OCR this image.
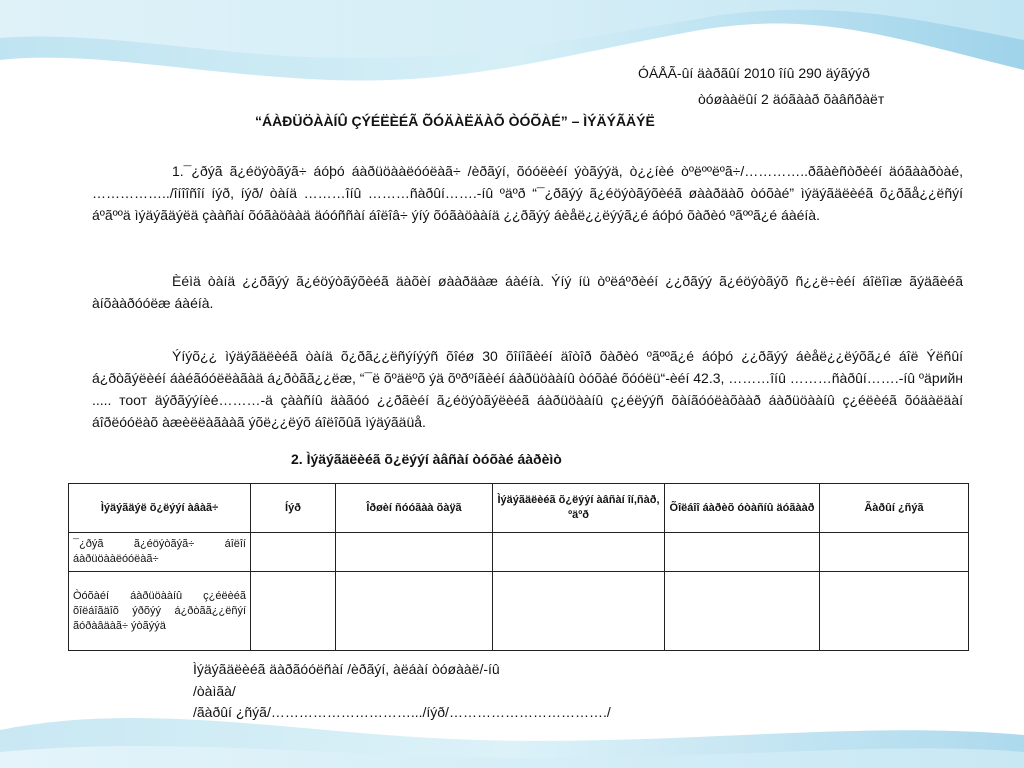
ÓÁÅÃ-ûí äàðãûí 2010 îíû 290 äýãýýð
òóøààëûí 2 äóãààð õàâñðàëт
“ÁÀÐÜÖÀÀÍÛ ÇÝÉËÈÉÃ ÕÓÄÀËÄÀÕ ÒÓÕÀÉ” – ÌÝÄÝÃÄÝË
1.¯¿ðýã ã¿éöýòãýã÷ áóþó áàðüöààëóóëàã÷ /èðãýí, õóóëèéí ýòãýýä, ò¿¿íèé òºëººëºã÷/…………..ðãàèñòðèéí äóãààðòàé, ……………../îíîîñîí íýð, íýð/ òàíä ………îíû ………ñàðûí…….-íû ºäºð “¯¿ðãýý ã¿éöýòãýõèéã øààðäàõ òóõàé” ìýäýãäëèéã õ¿ðãå¿¿ëñýí áºãººä ìýäýãäýëä çààñàí õóãàöààä äóóññàí áîëîâ÷ ýíý õóãàöààíä ¿¿ðãýý áèåë¿¿ëýýã¿é áóþó õàðèó ºãººã¿é áàéíà.
Èéìä òàíä ¿¿ðãýý ã¿éöýòãýõèéã äàõèí øààðäàæ áàéíà. Ýíý íü òºëáºðèéí ¿¿ðãýý ã¿éöýòãýõ ñ¿¿ë÷èéí áîëîìæ ãýäãèéã àíõààðóóëæ áàéíà.
Ýíýõ¿¿ ìýäýãäëèéã òàíä õ¿ðã¿¿ëñýíýýñ õîéø 30 õîíîãèéí äîòîð õàðèó ºãººã¿é áóþó ¿¿ðãýý áèåë¿¿ëýõã¿é áîë Ýëñûí á¿ðòãýëèéí áàéãóóëëàãàä á¿ðòãã¿¿ëæ, “¯ë õºäëºõ ýä õºðºíãèéí áàðüöààíû òóõàé õóóëü“-èéí 42.3, ………îíû ………ñàðûí…….-íû ºäрийн ..... тоот äýðãýýíèé………-ä çààñíû äàãóó ¿¿ðãèéí ã¿éöýòãýëèéã áàðüöààíû ç¿éëýýñ õàíãóóëàõààð áàðüöààíû ç¿éëèéã õóäàëäàí áîðëóóëàõ àæèëëàãààã ýõë¿¿ëýõ áîëîõûã ìýäýãäüå.
2. Ìýäýãäëèéã õ¿ëýýí àâñàí òóõàé áàðèìò
Ìýäýãäýë õ¿ëýýí àâàã÷	Íýð	Îðøèí ñóóãàà õàÿã	Ìýäýãäëèéã õ¿ëýýí àâñàí îí,ñàð, ºäºð	Õîëáîî áàðèõ óòàñíû äóãààð	Ãàðûí ¿ñýã
¯¿ðýã ã¿éöýòãýã÷ áîëîí áàðüöààëóóëàã÷					
Òóõàéí áàðüöààíû ç¿éëèéã õîëáîãäîõ ýðõýý á¿ðòãã¿¿ëñýí ãóðàâäàã÷ ýòãýýä					
Ìýäýãäëèéã äàðãóóëñàí /èðãýí, àëáàí òóøààë/-íû
/òàìãà/
/ãàðûí ¿ñýã/………………………….../íýð/……………………………./
